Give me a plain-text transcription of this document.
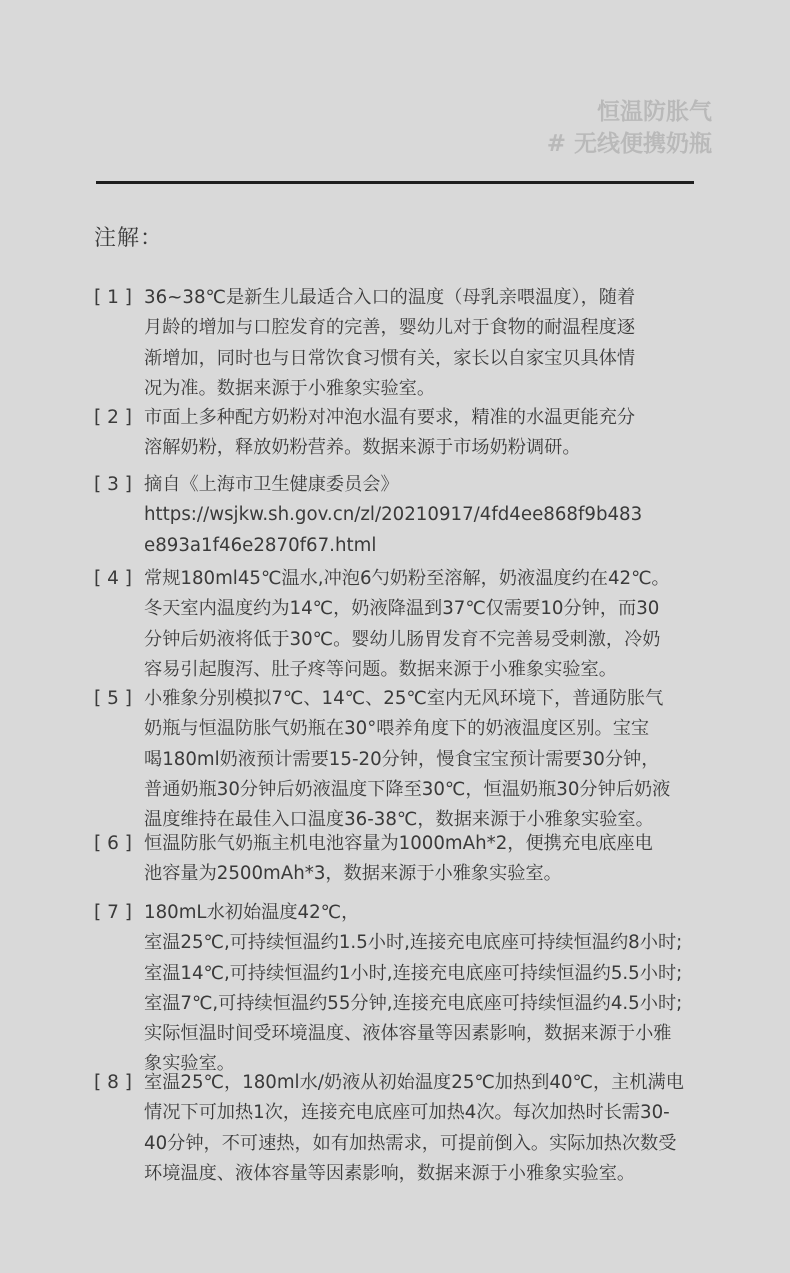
恒温防胀气
# 无线便携奶瓶
注解：
[ 1 ] 36~38℃是新生儿最适合入口的温度（母乳亲喂温度），随着
月龄的增加与口腔发育的完善，婴幼儿对于食物的耐温程度逐
渐增加，同时也与日常饮食习惯有关，家长以自家宝贝具体情
况为准。数据来源于小雅象实验室。
[ 2 ] 市面上多种配方奶粉对冲泡水温有要求，精准的水温更能充分
溶解奶粉，释放奶粉营养。数据来源于市场奶粉调研。
[ 3 ] 摘自《上海市卫生健康委员会》
https://wsjkw.sh.gov.cn/zl/20210917/4fd4ee868f9b483
e893a1f46e2870f67.html
[ 4 ] 常规180ml45℃温水,冲泡6勺奶粉至溶解，奶液温度约在42℃。
冬天室内温度约为14℃，奶液降温到37℃仅需要10分钟，而30
分钟后奶液将低于30℃。婴幼儿肠胃发育不完善易受刺激，冷奶
容易引起腹泻、肚子疼等问题。数据来源于小雅象实验室。
[ 5 ] 小雅象分别模拟7℃、14℃、25℃室内无风环境下，普通防胀气
奶瓶与恒温防胀气奶瓶在30°喂养角度下的奶液温度区别。宝宝
喝180ml奶液预计需要15-20分钟，慢食宝宝预计需要30分钟，
普通奶瓶30分钟后奶液温度下降至30℃，恒温奶瓶30分钟后奶液
温度维持在最佳入口温度36-38℃，数据来源于小雅象实验室。
[ 6 ] 恒温防胀气奶瓶主机电池容量为1000mAh*2，便携充电底座电
池容量为2500mAh*3，数据来源于小雅象实验室。
[ 7 ] 180mL水初始温度42℃，
室温25℃,可持续恒温约1.5小时,连接充电底座可持续恒温约8小时;
室温14℃,可持续恒温约1小时,连接充电底座可持续恒温约5.5小时;
室温7℃,可持续恒温约55分钟,连接充电底座可持续恒温约4.5小时;
实际恒温时间受环境温度、液体容量等因素影响，数据来源于小雅
象实验室。
[ 8 ] 室温25℃，180ml水/奶液从初始温度25℃加热到40℃，主机满电
情况下可加热1次，连接充电底座可加热4次。每次加热时长需30-
40分钟，不可速热，如有加热需求，可提前倒入。实际加热次数受
环境温度、液体容量等因素影响，数据来源于小雅象实验室。
